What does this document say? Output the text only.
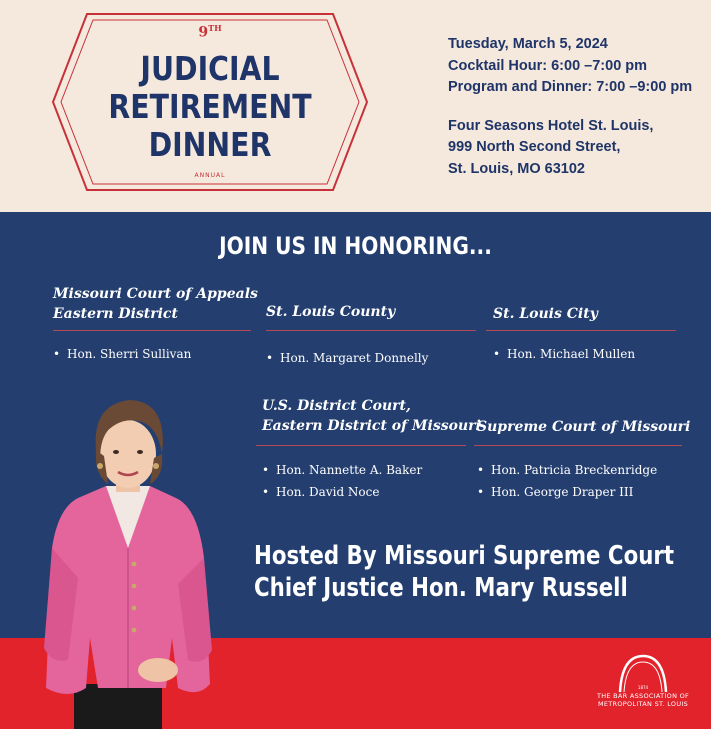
9TH
JUDICIAL
RETIREMENT
DINNER
ANNUAL
Tuesday, March 5, 2024
Cocktail Hour: 6:00 –7:00 pm
Program and Dinner: 7:00 –9:00 pm
Four Seasons Hotel St. Louis,
999 North Second Street,
St. Louis, MO 63102
JOIN US IN HONORING...
Missouri Court of Appeals
Eastern District
• Hon. Sherri Sullivan
St. Louis County
• Hon. Margaret Donnelly
St. Louis City
• Hon. Michael Mullen
U.S. District Court,
Eastern District of Missouri
• Hon. Nannette A. Baker
• Hon. David Noce
Supreme Court of Missouri
• Hon. Patricia Breckenridge
• Hon. George Draper III
Hosted By Missouri Supreme Court
Chief Justice Hon. Mary Russell
1874
THE BAR ASSOCIATION OF
METROPOLITAN ST. LOUIS
